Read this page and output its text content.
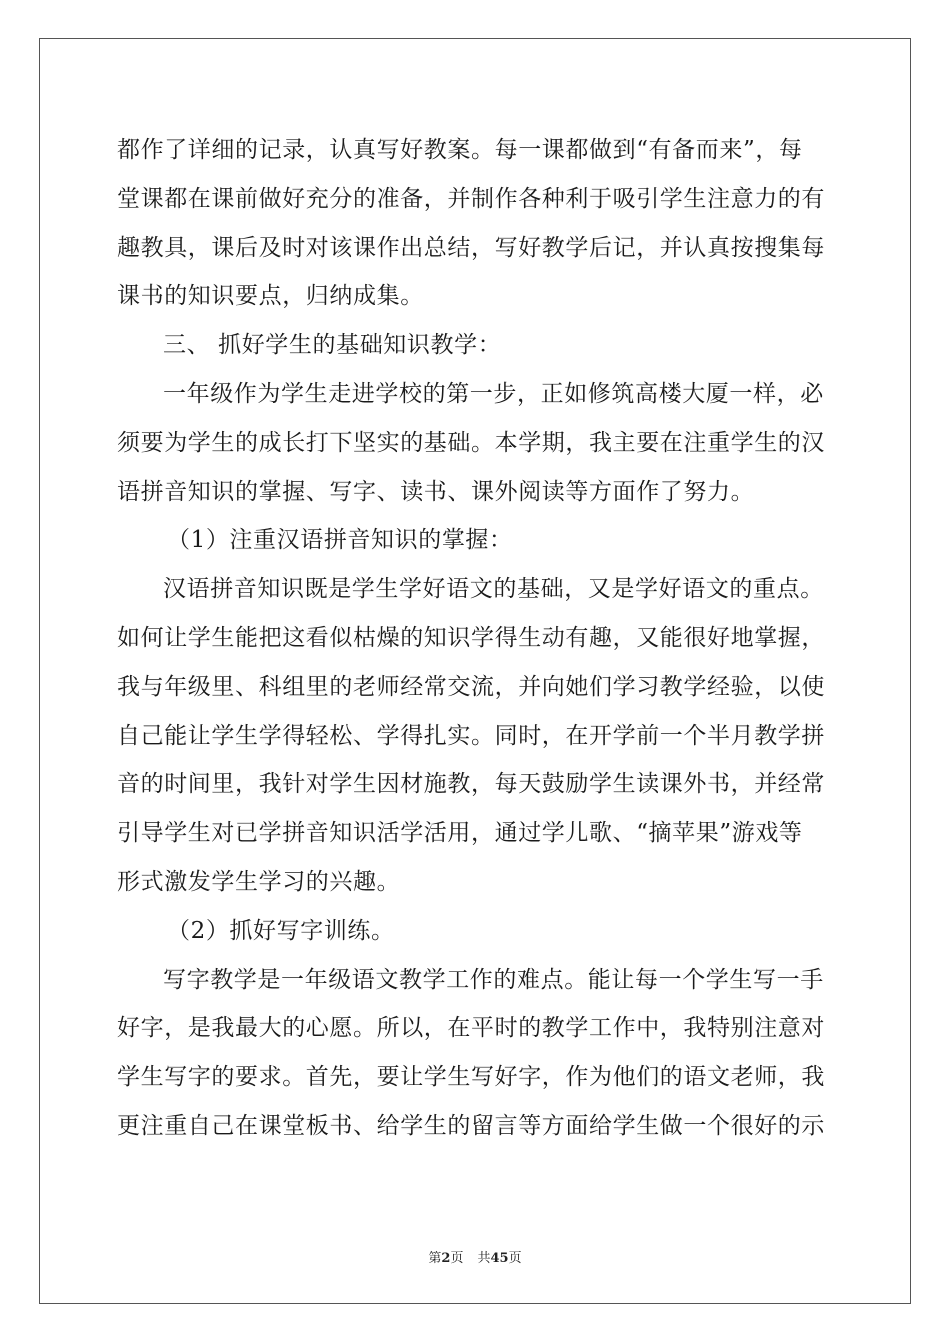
都作了详细的记录，认真写好教案。每一课都做到“有备而来”，每
堂课都在课前做好充分的准备，并制作各种利于吸引学生注意力的有
趣教具，课后及时对该课作出总结，写好教学后记，并认真按搜集每
课书的知识要点，归纳成集。
三、 抓好学生的基础知识教学：
一年级作为学生走进学校的第一步，正如修筑高楼大厦一样，必
须要为学生的成长打下坚实的基础。本学期，我主要在注重学生的汉
语拼音知识的掌握、写字、读书、课外阅读等方面作了努力。
（1）注重汉语拼音知识的掌握：
汉语拼音知识既是学生学好语文的基础，又是学好语文的重点。
如何让学生能把这看似枯燥的知识学得生动有趣，又能很好地掌握，
我与年级里、科组里的老师经常交流，并向她们学习教学经验，以使
自己能让学生学得轻松、学得扎实。同时，在开学前一个半月教学拼
音的时间里，我针对学生因材施教，每天鼓励学生读课外书，并经常
引导学生对已学拼音知识活学活用，通过学儿歌、“摘苹果”游戏等
形式激发学生学习的兴趣。
（2）抓好写字训练。
写字教学是一年级语文教学工作的难点。能让每一个学生写一手
好字，是我最大的心愿。所以，在平时的教学工作中，我特别注意对
学生写字的要求。首先，要让学生写好字，作为他们的语文老师，我
更注重自己在课堂板书、给学生的留言等方面给学生做一个很好的示
第2页 共45页
